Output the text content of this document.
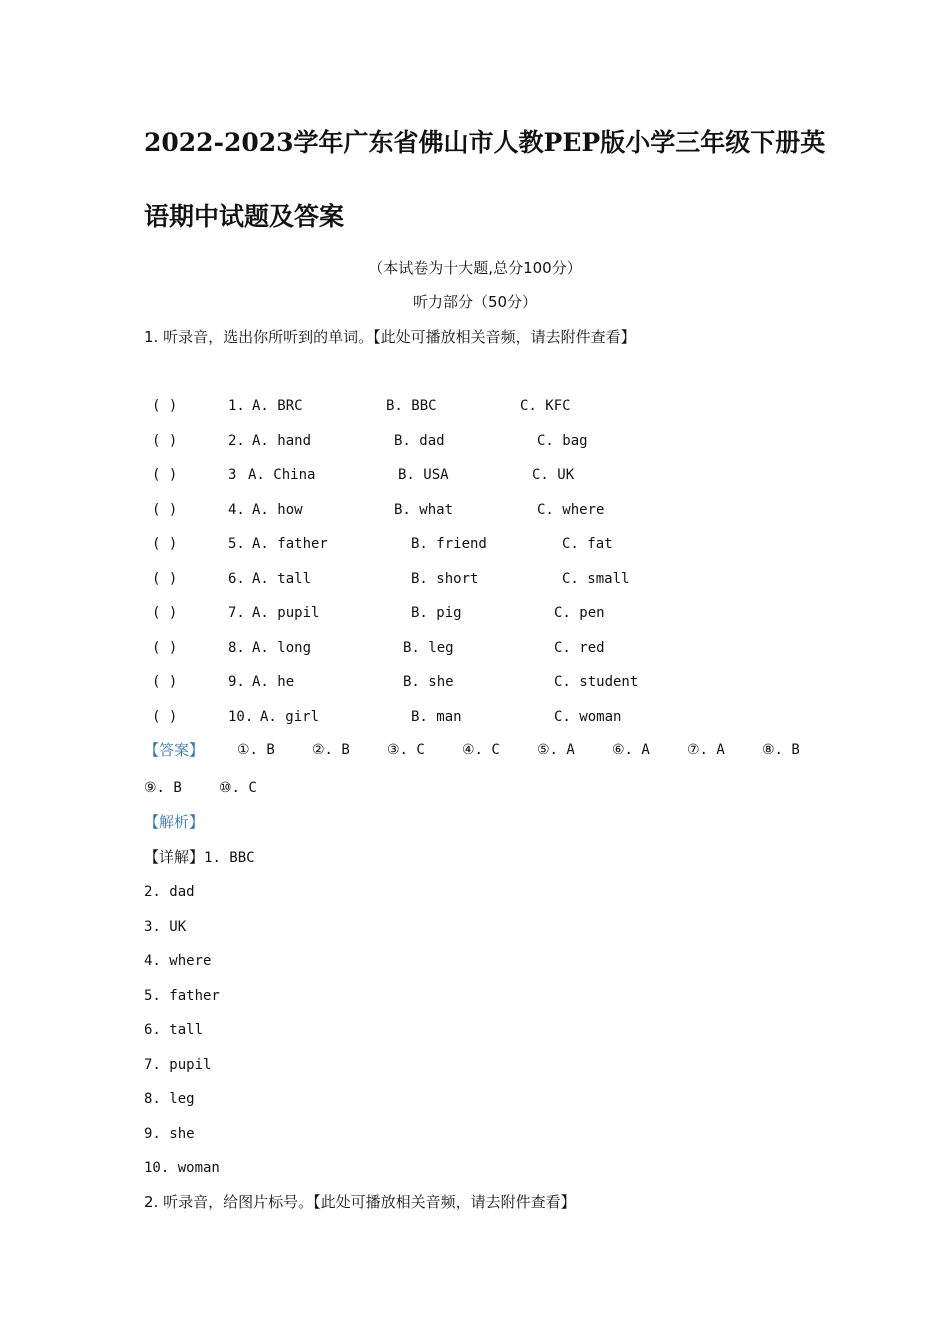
2022-2023学年广东省佛山市人教PEP版小学三年级下册英
语期中试题及答案
（本试卷为十大题,总分100分）
听力部分（50分）
1. 听录音，选出你所听到的单词。【此处可播放相关音频，请去附件查看】
( )	1. A. BRC	B. BBC	C. KFC
( )	2. A. hand	B. dad	C. bag
( )	3 A. China	B. USA	C. UK
( )	4. A. how	B. what	C. where
( )	5. A. father	B. friend	C. fat
( )	6. A. tall	B. short	C. small
( )	7. A. pupil	B. pig	C. pen
( )	8. A. long	B. leg	C. red
( )	9. A. he	B. she	C. student
( )	10. A. girl	B. man	C. woman
【答案】 ①. B	②. B	③. C	④. C	⑤. A	⑥. A	⑦. A	⑧. B
⑨. B	⑩. C
【解析】
【详解】1. BBC
2. dad
3. UK
4. where
5. father
6. tall
7. pupil
8. leg
9. she
10. woman
2. 听录音，给图片标号。【此处可播放相关音频，请去附件查看】
